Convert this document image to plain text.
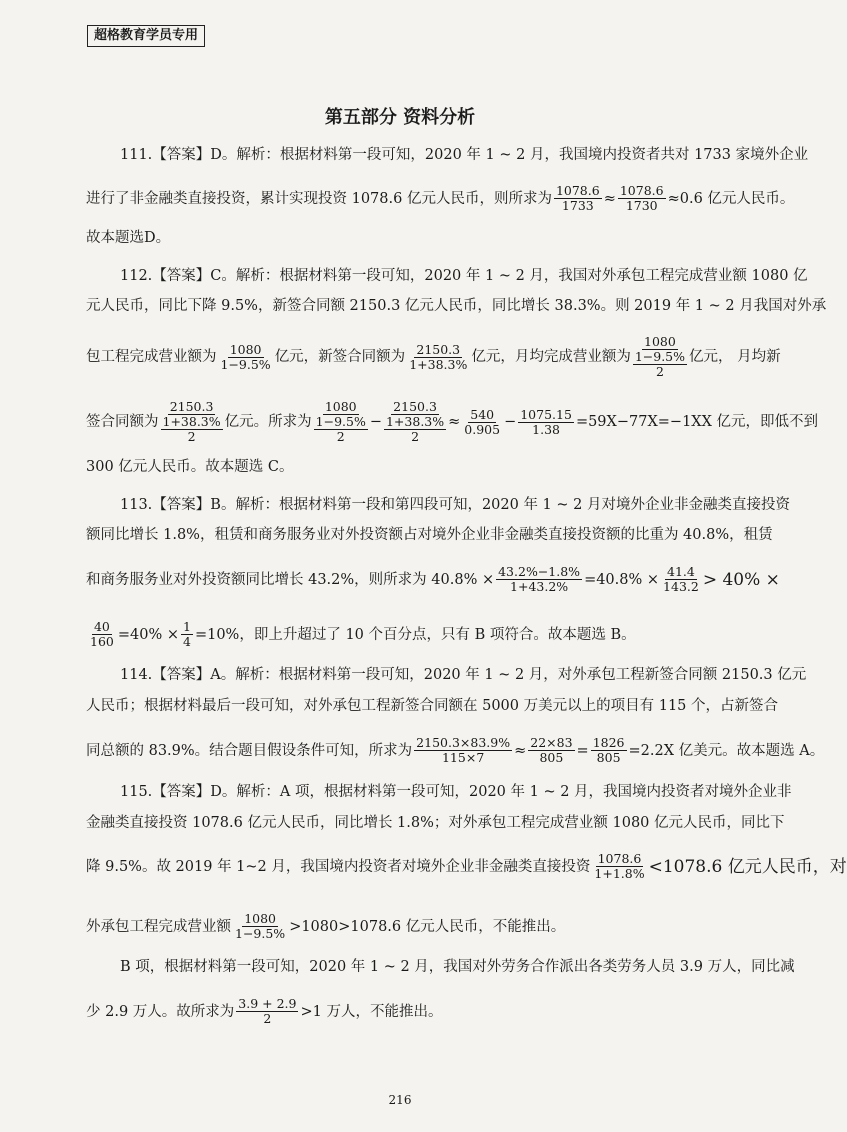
超格教育学员专用
第五部分 资料分析
111.【答案】D。解析：根据材料第一段可知，2020 年 1 ~ 2 月，我国境内投资者共对 1733 家境外企业
进行了非金融类直接投资，累计实现投资 1078.6 亿元人民币，则所求为 $\frac{1078.6}{1733} \approx \frac{1078.6}{1730} \approx 0.6$ 亿元人民币。
故本题选D。
112.【答案】C。解析：根据材料第一段可知，2020 年 1 ~ 2 月，我国对外承包工程完成营业额 1080 亿
元人民币，同比下降 9.5%，新签合同额 2150.3 亿元人民币，同比增长 38.3%。则 2019 年 1 ~ 2 月我国对外承
包工程完成营业额为 $\frac{1080}{1-9.5\%}$ 亿元，新签合同额为 $\frac{2150.3}{1+38.3\%}$ 亿元，月均完成营业额为
1080
1−9.5%
2
亿元， 月均新
签合同额为
2150.3
1+38.3%
2
亿元。所求为
1080
1−9.5%
2
−
2150.3
1+38.3%
2
≈ $\frac{540}{0.905} - \frac{1075.15}{1.38} =59X-77X=-1XX$ 亿元，即低不到
300 亿元人民币。故本题选 C。
113.【答案】B。解析：根据材料第一段和第四段可知，2020 年 1 ~ 2 月对境外企业非金融类直接投资
额同比增长 1.8%，租赁和商务服务业对外投资额占对境外企业非金融类直接投资额的比重为 40.8%，租赁
和商务服务业对外投资额同比增长 43.2%，则所求为 $40.8\% \times \frac{43.2\%-1.8\%}{1+43.2\%} =40.8\% \times \frac{41.4}{143.2} > 40\%$ ×
$\frac{40}{160} =40\% \times \frac{1}{4} =10\%$，即上升超过了 10 个百分点，只有 B 项符合。故本题选 B。
114.【答案】A。解析：根据材料第一段可知，2020 年 1 ~ 2 月，对外承包工程新签合同额 2150.3 亿元
人民币；根据材料最后一段可知，对外承包工程新签合同额在 5000 万美元以上的项目有 115 个，占新签合
同总额的 83.9%。结合题目假设条件可知，所求为 $\frac{2150.3\times 83.9\%}{115\times 7} \approx \frac{22\times 83}{805} = \frac{1826}{805} =2.2X$ 亿美元。故本题选 A。
115.【答案】D。解析：A 项，根据材料第一段可知，2020 年 1 ~ 2 月，我国境内投资者对境外企业非
金融类直接投资 1078.6 亿元人民币，同比增长 1.8%；对外承包工程完成营业额 1080 亿元人民币，同比下
降 9.5%。故 2019 年 1~2 月，我国境内投资者对境外企业非金融类直接投资 $\frac{1078.6}{1+1.8\%} <1078.6$ 亿元人民币，对
外承包工程完成营业额 $\frac{1080}{1-9.5\%} >1080>1078.6$ 亿元人民币，不能推出。
B 项，根据材料第一段可知，2020 年 1 ~ 2 月，我国对外劳务合作派出各类劳务人员 3.9 万人，同比减
少 2.9 万人。故所求为 $\frac{3.9 + 2.9}{2} >1$ 万人，不能推出。
216
